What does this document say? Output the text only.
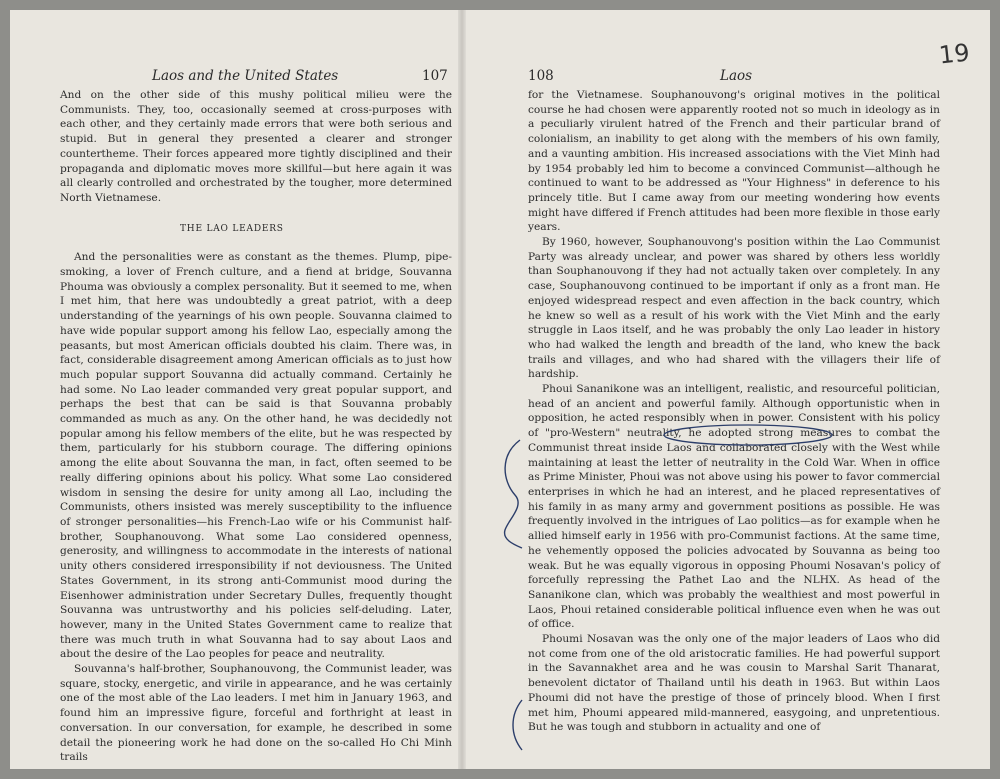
19
Laos and the United States	107

And on the other side of this mushy political milieu were the Communists. They, too, occasionally seemed at cross-purposes with each other, and they certainly made errors that were both serious and stupid. But in general they presented a clearer and stronger countertheme. Their forces appeared more tightly disciplined and their propaganda and diplomatic moves more skillful—but here again it was all clearly controlled and orchestrated by the tougher, more determined North Vietnamese.

THE LAO LEADERS

And the personalities were as constant as the themes. Plump, pipe-smoking, a lover of French culture, and a fiend at bridge, Souvanna Phouma was obviously a complex personality. But it seemed to me, when I met him, that here was undoubtedly a great patriot, with a deep understanding of the yearnings of his own people. Souvanna claimed to have wide popular support among his fellow Lao, especially among the peasants, but most American officials doubted his claim. There was, in fact, considerable disagreement among American officials as to just how much popular support Souvanna did actually command. Certainly he had some. No Lao leader commanded very great popular support, and perhaps the best that can be said is that Souvanna probably commanded as much as any. On the other hand, he was decidedly not popular among his fellow members of the elite, but he was respected by them, particularly for his stubborn courage. The differing opinions among the elite about Souvanna the man, in fact, often seemed to be really differing opinions about his policy. What some Lao considered wisdom in sensing the desire for unity among all Lao, including the Communists, others insisted was merely susceptibility to the influence of stronger personalities—his French-Lao wife or his Communist half-brother, Souphanouvong. What some Lao considered openness, generosity, and willingness to accommodate in the interests of national unity others considered irresponsibility if not deviousness. The United States Government, in its strong anti-Communist mood during the Eisenhower administration under Secretary Dulles, frequently thought Souvanna was untrustworthy and his policies self-deluding. Later, however, many in the United States Government came to realize that there was much truth in what Souvanna had to say about Laos and about the desire of the Lao peoples for peace and neutrality.

Souvanna's half-brother, Souphanouvong, the Communist leader, was square, stocky, energetic, and virile in appearance, and he was certainly one of the most able of the Lao leaders. I met him in January 1963, and found him an impressive figure, forceful and forthright at least in conversation. In our conversation, for example, he described in some detail the pioneering work he had done on the so-called Ho Chi Minh trails

108	Laos

for the Vietnamese. Souphanouvong's original motives in the political course he had chosen were apparently rooted not so much in ideology as in a peculiarly virulent hatred of the French and their particular brand of colonialism, an inability to get along with the members of his own family, and a vaunting ambition. His increased associations with the Viet Minh had by 1954 probably led him to become a convinced Communist—although he continued to want to be addressed as "Your Highness" in deference to his princely title. But I came away from our meeting wondering how events might have differed if French attitudes had been more flexible in those early years.

By 1960, however, Souphanouvong's position within the Lao Communist Party was already unclear, and power was shared by others less worldly than Souphanouvong if they had not actually taken over completely. In any case, Souphanouvong continued to be important if only as a front man. He enjoyed widespread respect and even affection in the back country, which he knew so well as a result of his work with the Viet Minh and the early struggle in Laos itself, and he was probably the only Lao leader in history who had walked the length and breadth of the land, who knew the back trails and villages, and who had shared with the villagers their life of hardship.

Phoui Sananikone was an intelligent, realistic, and resourceful politician, head of an ancient and powerful family. Although opportunistic when in opposition, he acted responsibly when in power. Consistent with his policy of "pro-Western" neutrality, he adopted strong measures to combat the Communist threat inside Laos and collaborated closely with the West while maintaining at least the letter of neutrality in the Cold War. When in office as Prime Minister, Phoui was not above using his power to favor commercial enterprises in which he had an interest, and he placed representatives of his family in as many army and government positions as possible. He was frequently involved in the intrigues of Lao politics—as for example when he allied himself early in 1956 with pro-Communist factions. At the same time, he vehemently opposed the policies advocated by Souvanna as being too weak. But he was equally vigorous in opposing Phoumi Nosavan's policy of forcefully repressing the Pathet Lao and the NLHX. As head of the Sananikone clan, which was probably the wealthiest and most powerful in Laos, Phoui retained considerable political influence even when he was out of office.

Phoumi Nosavan was the only one of the major leaders of Laos who did not come from one of the old aristocratic families. He had powerful support in the Savannakhet area and he was cousin to Marshal Sarit Thanarat, benevolent dictator of Thailand until his death in 1963. But within Laos Phoumi did not have the prestige of those of princely blood. When I first met him, Phoumi appeared mild-mannered, easygoing, and unpretentious. But he was tough and stubborn in actuality and one of
